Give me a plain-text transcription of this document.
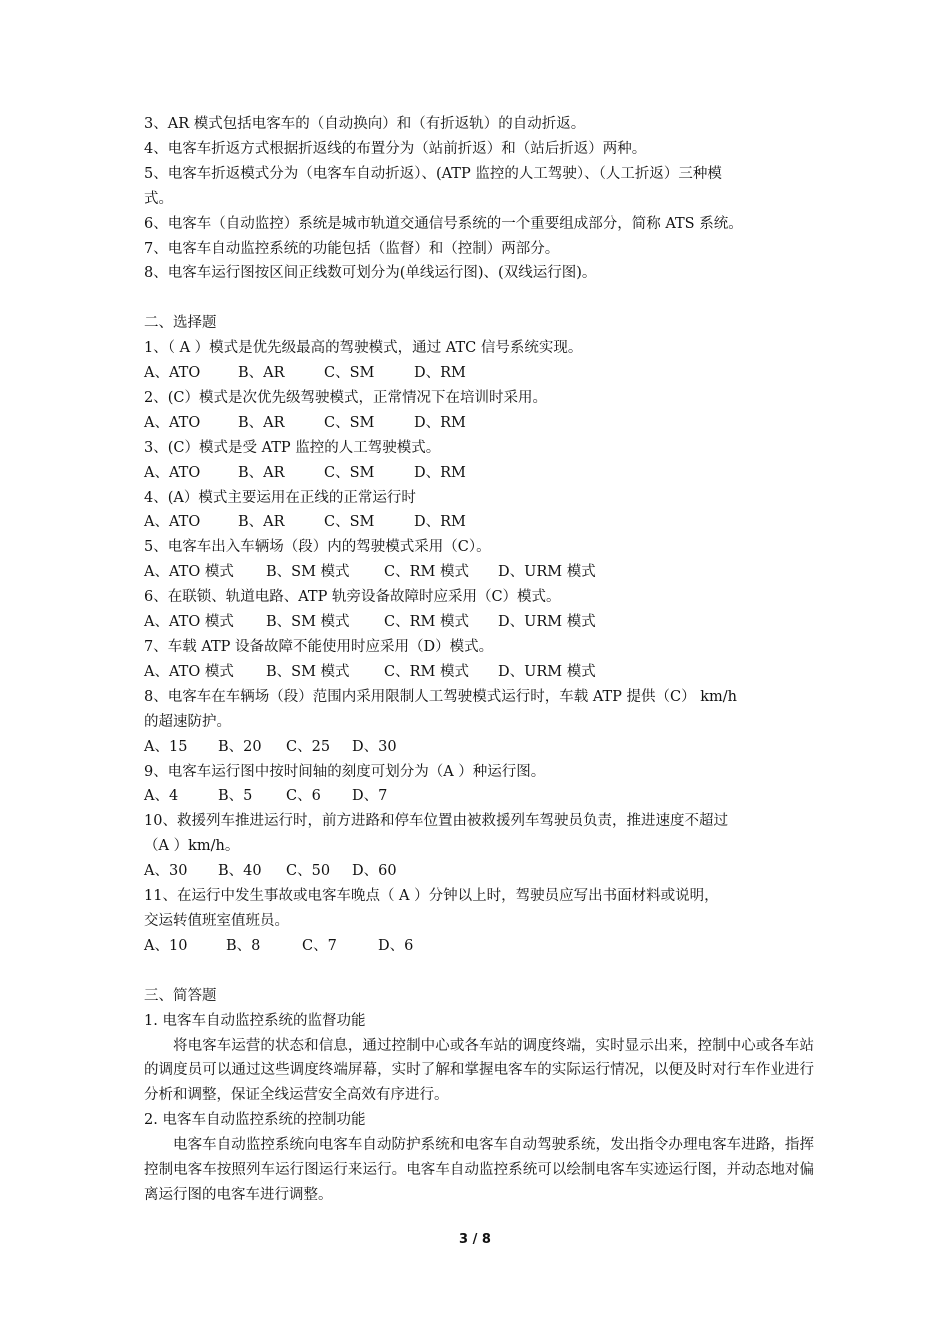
3、AR 模式包括电客车的（自动换向）和（有折返轨）的自动折返。
4、电客车折返方式根据折返线的布置分为（站前折返）和（站后折返）两种。
5、电客车折返模式分为（电客车自动折返）、(ATP 监控的人工驾驶）、（人工折返）三种模
式。
6、电客车（自动监控）系统是城市轨道交通信号系统的一个重要组成部分，简称 ATS 系统。
7、电客车自动监控系统的功能包括（监督）和（控制）两部分。
8、电客车运行图按区间正线数可划分为(单线运行图)、(双线运行图)。
二、选择题
1、（ A ）模式是优先级最高的驾驶模式，通过 ATC 信号系统实现。
A、ATO	B、AR	C、SM	D、RM
2、(C）模式是次优先级驾驶模式，正常情况下在培训时采用。
A、ATO	B、AR	C、SM	D、RM
3、(C）模式是受 ATP 监控的人工驾驶模式。
A、ATO	B、AR	C、SM	D、RM
4、(A）模式主要运用在正线的正常运行时
A、ATO	B、AR	C、SM	D、RM
5、电客车出入车辆场（段）内的驾驶模式采用（C）。
A、ATO 模式	B、SM 模式	C、RM 模式	D、URM 模式
6、在联锁、轨道电路、ATP 轨旁设备故障时应采用（C）模式。
A、ATO 模式	B、SM 模式	C、RM 模式	D、URM 模式
7、车载 ATP 设备故障不能使用时应采用（D）模式。
A、ATO 模式	B、SM 模式	C、RM 模式	D、URM 模式
8、电客车在车辆场（段）范围内采用限制人工驾驶模式运行时，车载 ATP 提供（C） km/h
的超速防护。
A、15	B、20	C、25	D、30
9、电客车运行图中按时间轴的刻度可划分为（A ）种运行图。
A、4	B、5	C、6	D、7
10、救援列车推进运行时，前方进路和停车位置由被救援列车驾驶员负责，推进速度不超过
（A ）km/h。
A、30	B、40	C、50	D、60
11、在运行中发生事故或电客车晚点（ A ）分钟以上时，驾驶员应写出书面材料或说明，
交运转值班室值班员。
A、10	B、8	C、7	D、6
三、简答题
1. 电客车自动监控系统的监督功能
将电客车运营的状态和信息，通过控制中心或各车站的调度终端，实时显示出来，控制中心或各车站的调度员可以通过这些调度终端屏幕，实时了解和掌握电客车的实际运行情况，以便及时对行车作业进行分析和调整，保证全线运营安全高效有序进行。
2. 电客车自动监控系统的控制功能
电客车自动监控系统向电客车自动防护系统和电客车自动驾驶系统，发出指令办理电客车进路，指挥控制电客车按照列车运行图运行来运行。电客车自动监控系统可以绘制电客车实迹运行图，并动态地对偏离运行图的电客车进行调整。
3 / 8
